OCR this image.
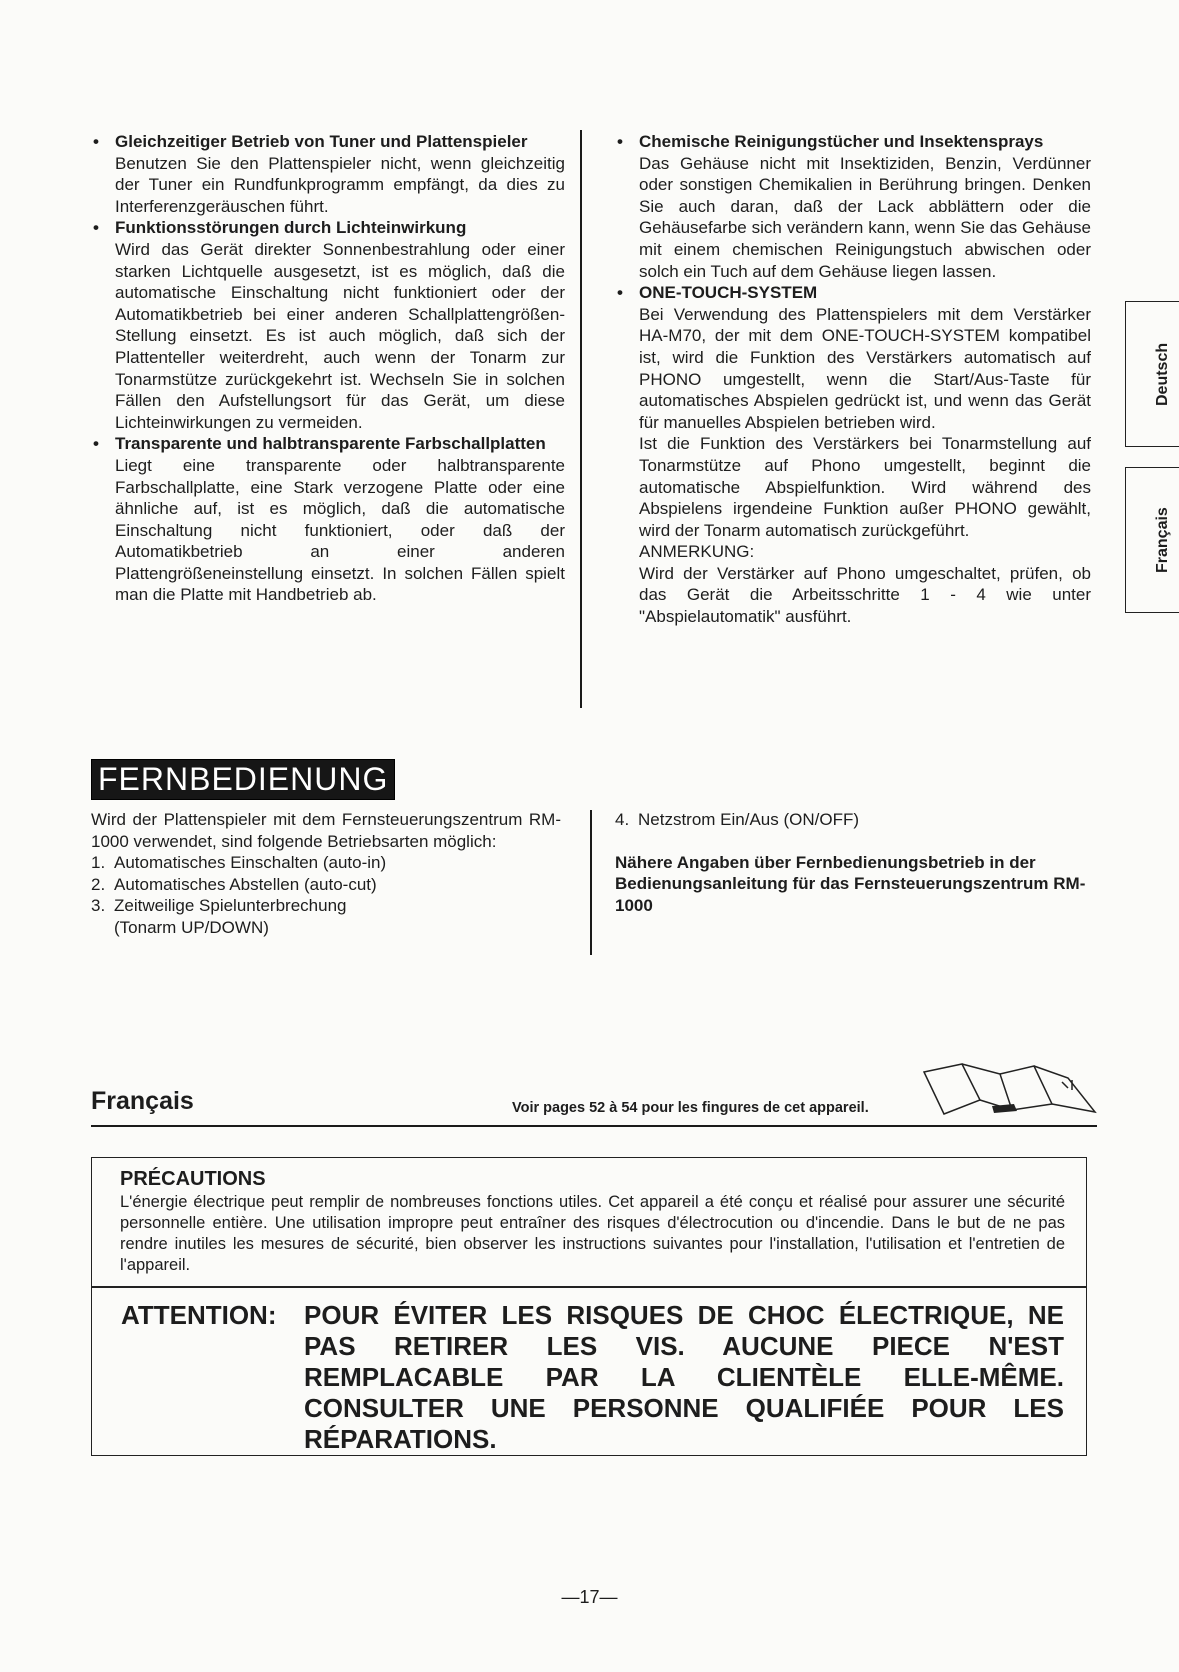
• Gleichzeitiger Betrieb von Tuner und Plattenspieler

Benutzen Sie den Plattenspieler nicht, wenn gleichzeitig der Tuner ein Rundfunkprogramm empfängt, da dies zu Interferenzgeräuschen führt.

• Funktionsstörungen durch Lichteinwirkung

Wird das Gerät direkter Sonnenbestrahlung oder einer starken Lichtquelle ausgesetzt, ist es möglich, daß die automatische Einschaltung nicht funktioniert oder der Automatikbetrieb bei einer anderen Schallplattengrößen-Stellung einsetzt. Es ist auch möglich, daß sich der Plattenteller weiterdreht, auch wenn der Tonarm zur Tonarmstütze zurückgekehrt ist. Wechseln Sie in solchen Fällen den Aufstellungsort für das Gerät, um diese Lichteinwirkungen zu vermeiden.

• Transparente und halbtransparente Farbschallplatten

Liegt eine transparente oder halbtransparente Farbschallplatte, eine Stark verzogene Platte oder eine ähnliche auf, ist es möglich, daß die automatische Einschaltung nicht funktioniert, oder daß der Automatikbetrieb an einer anderen Plattengrößeneinstellung einsetzt. In solchen Fällen spielt man die Platte mit Handbetrieb ab.

• Chemische Reinigungstücher und Insektensprays

Das Gehäuse nicht mit Insektiziden, Benzin, Verdünner oder sonstigen Chemikalien in Berührung bringen. Denken Sie auch daran, daß der Lack abblättern oder die Gehäusefarbe sich verändern kann, wenn Sie das Gehäuse mit einem chemischen Reinigungstuch abwischen oder solch ein Tuch auf dem Gehäuse liegen lassen.

• ONE-TOUCH-SYSTEM

Bei Verwendung des Plattenspielers mit dem Verstärker HA-M70, der mit dem ONE-TOUCH-SYSTEM kompatibel ist, wird die Funktion des Verstärkers automatisch auf PHONO umgestellt, wenn die Start/Aus-Taste für automatisches Abspielen gedrückt ist, und wenn das Gerät für manuelles Abspielen betrieben wird.

Ist die Funktion des Verstärkers bei Tonarmstellung auf Tonarmstütze auf Phono umgestellt, beginnt die automatische Abspielfunktion. Wird während des Abspielens irgendeine Funktion außer PHONO gewählt, wird der Tonarm automatisch zurückgeführt.

ANMERKUNG:

Wird der Verstärker auf Phono umgeschaltet, prüfen, ob das Gerät die Arbeitsschritte 1 - 4 wie unter "Abspielautomatik" ausführt.

Deutsch
Français
FERNBEDIENUNG

Wird der Plattenspieler mit dem Fernsteuerungszentrum RM-1000 verwendet, sind folgende Betriebsarten möglich:

1. Automatisches Einschalten (auto-in)
2. Automatisches Abstellen (auto-cut)
3. Zeitweilige Spielunterbrechung
(Tonarm UP/DOWN)
4. Netzstrom Ein/Aus (ON/OFF)

Nähere Angaben über Fernbedienungsbetrieb in der Bedienungsanleitung für das Fernsteuerungszentrum RM-1000

Français	Voir pages 52 à 54 pour les fingures de cet appareil.
PRÉCAUTIONS
L'énergie électrique peut remplir de nombreuses fonctions utiles. Cet appareil a été conçu et réalisé pour assurer une sécurité personnelle entière. Une utilisation impropre peut entraîner des risques d'électrocution ou d'incendie. Dans le but de ne pas rendre inutiles les mesures de sécurité, bien observer les instructions suivantes pour l'installation, l'utilisation et l'entretien de l'appareil.
ATTENTION: POUR ÉVITER LES RISQUES DE CHOC ÉLECTRIQUE, NE PAS RETIRER LES VIS. AUCUNE PIECE N'EST REMPLACABLE PAR LA CLIENTÈLE ELLE-MÊME. CONSULTER UNE PERSONNE QUALIFIÉE POUR LES RÉPARATIONS.
—17—
